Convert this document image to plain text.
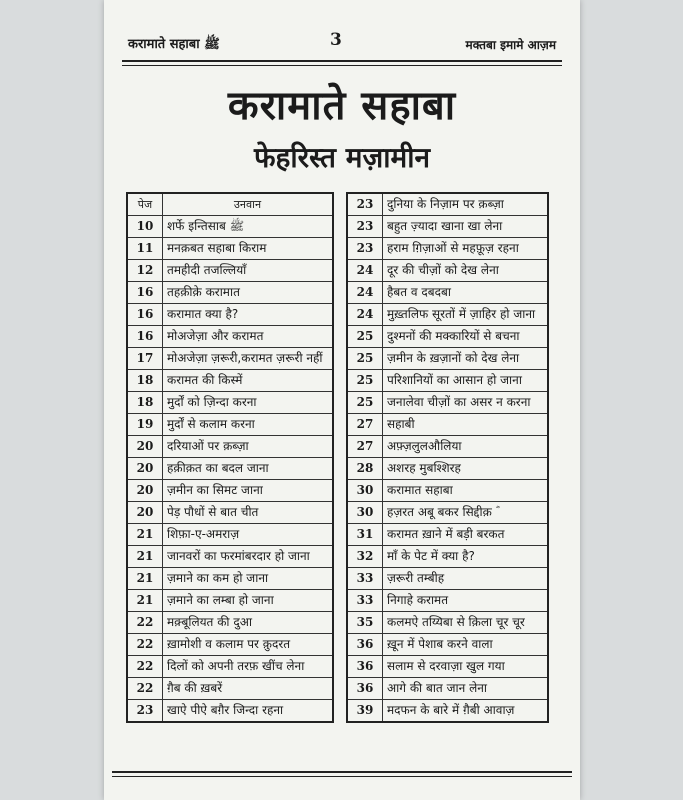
करामाते सहाबा ﷺ	3	मक्तबा इमामे आज़म
करामाते सहाबा
फेहरिस्त मज़ामीन
पेज	उनवान
10	शर्फे इन्तिसाब ﷺ
11	मनक़बत सहाबा किराम
12	तमहीदी तजल्लियाँ
16	तहक़ीक़े करामात
16	करामात क्या है?
16	मोअजेज़ा और करामत
17	मोअजेज़ा ज़रूरी,करामत ज़रूरी नहीं
18	करामत की किस्में
18	मुर्दों को ज़िन्दा करना
19	मुर्दों से कलाम करना
20	दरियाओं पर क़ब्ज़ा
20	हक़ीक़त का बदल जाना
20	ज़मीन का सिमट जाना
20	पेड़ पौधों से बात चीत
21	शिफ़ा-ए-अमराज़
21	जानवरों का फरमांबरदार हो जाना
21	ज़माने का कम हो जाना
21	ज़माने का लम्बा हो जाना
22	मक़्बूलियत की दुआ
22	ख़ामोशी व कलाम पर क़ुदरत
22	दिलों को अपनी तरफ़ खींच लेना
22	ग़ैब की ख़बरें
23	खाऐ पीऐ बग़ैर जिन्दा रहना
23	दुनिया के निज़ाम पर क़ब्ज़ा
23	बहुत ज़्यादा खाना खा लेना
23	हराम ग़िज़ाओं से महफ़ूज़ रहना
24	दूर की चीज़ों को देख लेना
24	हैबत व दबदबा
24	मुख़्तलिफ सूरतों में ज़ाहिर हो जाना
25	दुश्मनों की मक्कारियों से बचना
25	ज़मीन के ख़ज़ानों को देख लेना
25	परिशानियों का आसान हो जाना
25	जनालेवा चीज़ों का असर न करना
27	सहाबी
27	अफ़्ज़लुलऔलिया
28	अशरह मुबश्शिरह
30	करामात सहाबा
30	हज़रत अबू बकर सिद्दीक़ ؓ
31	करामत ख़ाने में बड़ी बरकत
32	माँ के पेट में क्या है?
33	ज़रूरी तम्बीह
33	निगाहे करामत
35	कलमऐ तय्यिबा से क़िला चूर चूर
36	ख़ून में पेशाब करने वाला
36	सलाम से दरवाज़ा खुल गया
36	आगे की बात जान लेना
39	मदफन के बारे में ग़ैबी आवाज़
